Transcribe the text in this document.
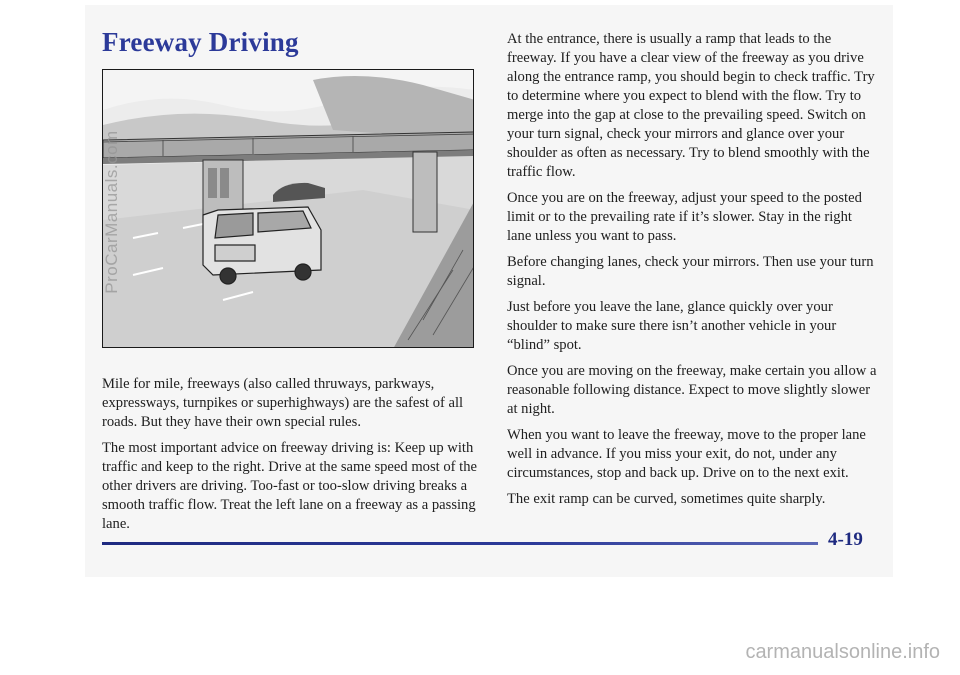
Freeway Driving

Mile for mile, freeways (also called thruways, parkways, expressways, turnpikes or superhighways) are the safest of all roads. But they have their own special rules.

The most important advice on freeway driving is: Keep up with traffic and keep to the right. Drive at the same speed most of the other drivers are driving. Too-fast or too-slow driving breaks a smooth traffic flow. Treat the left lane on a freeway as a passing lane.

At the entrance, there is usually a ramp that leads to the freeway. If you have a clear view of the freeway as you drive along the entrance ramp, you should begin to check traffic. Try to determine where you expect to blend with the flow. Try to merge into the gap at close to the prevailing speed. Switch on your turn signal, check your mirrors and glance over your shoulder as often as necessary. Try to blend smoothly with the traffic flow.

Once you are on the freeway, adjust your speed to the posted limit or to the prevailing rate if it’s slower. Stay in the right lane unless you want to pass.

Before changing lanes, check your mirrors. Then use your turn signal.

Just before you leave the lane, glance quickly over your shoulder to make sure there isn’t another vehicle in your “blind” spot.

Once you are moving on the freeway, make certain you allow a reasonable following distance. Expect to move slightly slower at night.

When you want to leave the freeway, move to the proper lane well in advance. If you miss your exit, do not, under any circumstances, stop and back up. Drive on to the next exit.

The exit ramp can be curved, sometimes quite sharply.

4-19
ProCarManuals.com
carmanualsonline.info
